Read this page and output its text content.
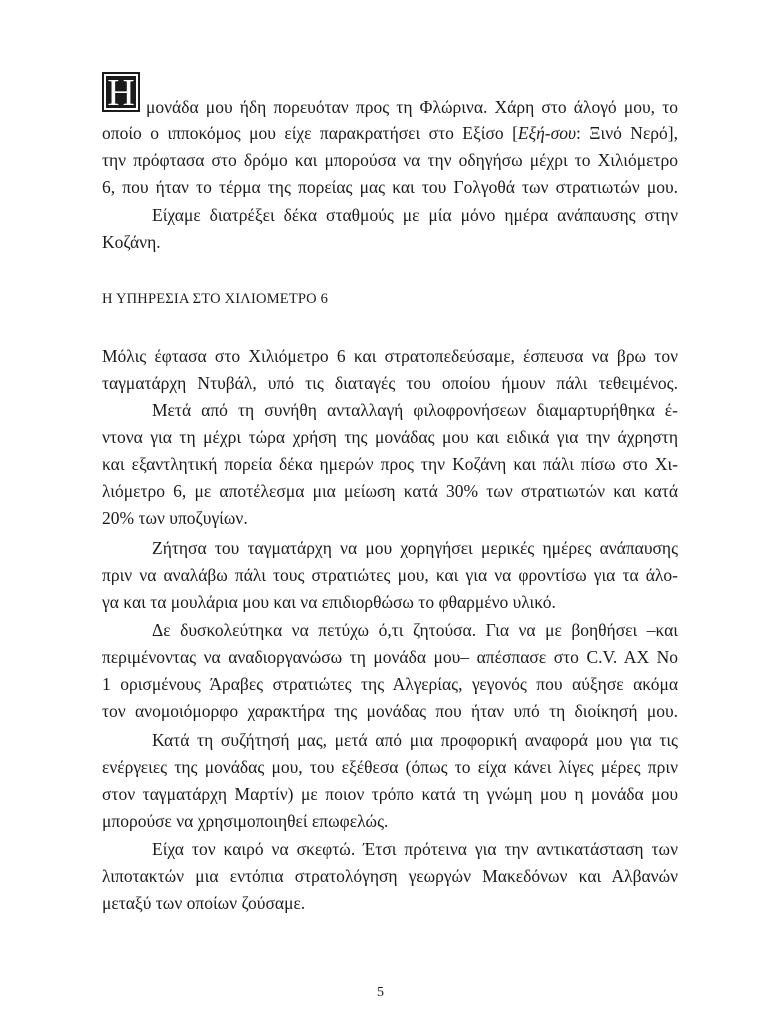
Η μονάδα μου ήδη πορευόταν προς τη Φλώρινα. Χάρη στο άλογό μου, το
οποίο ο ιπποκόμος μου είχε παρακρατήσει στο Εξίσο [Εξή-σου: Ξινό Νερό],
την πρόφτασα στο δρόμο και μπορούσα να την οδηγήσω μέχρι το Χιλιόμετρο
6, που ήταν το τέρμα της πορείας μας και του Γολγοθά των στρατιωτών μου.
Είχαμε διατρέξει δέκα σταθμούς με μία μόνο ημέρα ανάπαυσης στην
Κοζάνη.
Η ΥΠΗΡΕΣΙΑ ΣΤΟ ΧΙΛΙΟΜΕΤΡΟ 6
Μόλις έφτασα στο Χιλιόμετρο 6 και στρατοπεδεύσαμε, έσπευσα να βρω τον
ταγματάρχη Ντυβάλ, υπό τις διαταγές του οποίου ήμουν πάλι τεθειμένος.
Μετά από τη συνήθη ανταλλαγή φιλοφρονήσεων διαμαρτυρήθηκα έ-
ντονα για τη μέχρι τώρα χρήση της μονάδας μου και ειδικά για την άχρηστη
και εξαντλητική πορεία δέκα ημερών προς την Κοζάνη και πάλι πίσω στο Χι-
λιόμετρο 6, με αποτέλεσμα μια μείωση κατά 30% των στρατιωτών και κατά
20% των υποζυγίων.
Ζήτησα του ταγματάρχη να μου χορηγήσει μερικές ημέρες ανάπαυσης
πριν να αναλάβω πάλι τους στρατιώτες μου, και για να φροντίσω για τα άλο-
γα και τα μουλάρια μου και να επιδιορθώσω το φθαρμένο υλικό.
Δε δυσκολεύτηκα να πετύχω ό,τι ζητούσα. Για να με βοηθήσει –και
περιμένοντας να αναδιοργανώσω τη μονάδα μου– απέσπασε στο C.V. AX No
1 ορισμένους Άραβες στρατιώτες της Αλγερίας, γεγονός που αύξησε ακόμα
τον ανομοιόμορφο χαρακτήρα της μονάδας που ήταν υπό τη διοίκησή μου.
Κατά τη συζήτησή μας, μετά από μια προφορική αναφορά μου για τις
ενέργειες της μονάδας μου, του εξέθεσα (όπως το είχα κάνει λίγες μέρες πριν
στον ταγματάρχη Μαρτίν) με ποιον τρόπο κατά τη γνώμη μου η μονάδα μου
μπορούσε να χρησιμοποιηθεί επωφελώς.
Είχα τον καιρό να σκεφτώ. Έτσι πρότεινα για την αντικατάσταση των
λιποτακτών μια εντόπια στρατολόγηση γεωργών Μακεδόνων και Αλβανών
μεταξύ των οποίων ζούσαμε.
5
